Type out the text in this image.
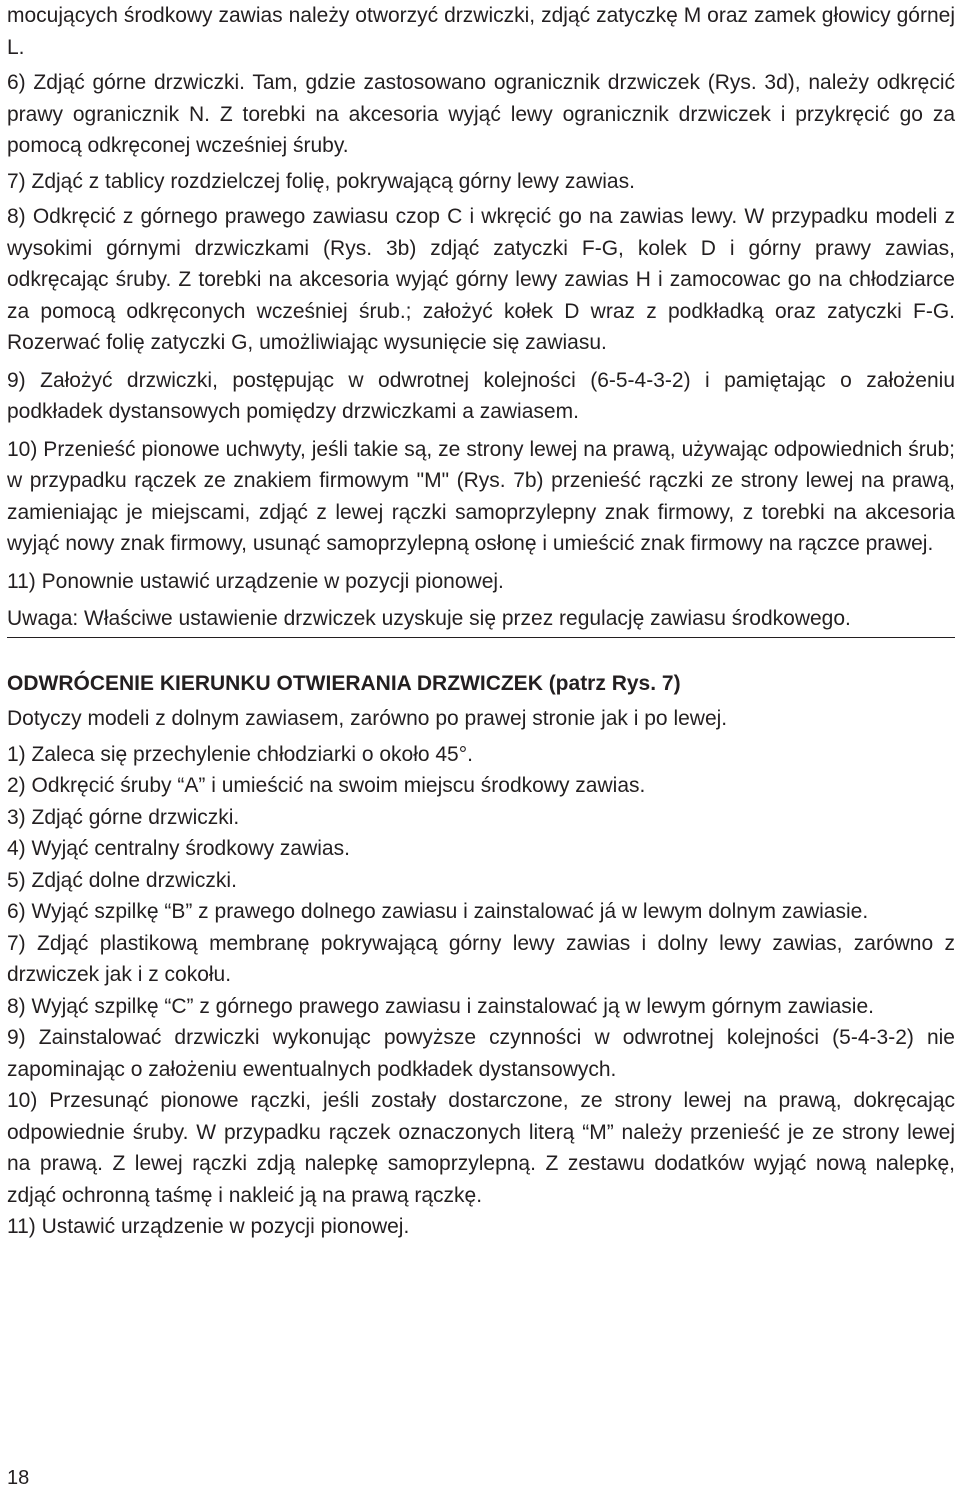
mocujących środkowy zawias należy otworzyć drzwiczki, zdjąć zatyczkę M oraz zamek głowicy górnej L.

6) Zdjąć górne drzwiczki. Tam, gdzie zastosowano ogranicznik drzwiczek (Rys. 3d), należy odkręcić prawy ogranicznik N. Z torebki na akcesoria wyjąć lewy ogranicznik drzwiczek i przykręcić go za pomocą odkręconej wcześniej śruby.

7) Zdjąć z tablicy rozdzielczej folię, pokrywającą górny lewy zawias.

8) Odkręcić z górnego prawego zawiasu czop C i wkręcić go na zawias lewy. W przypadku modeli z wysokimi górnymi drzwiczkami (Rys. 3b) zdjąć zatyczki F-G, kolek D i górny prawy zawias, odkręcając śruby. Z torebki na akcesoria wyjąć górny lewy zawias H i zamocowac go na chłodziarce za pomocą odkręconych wcześniej śrub.; założyć kołek D wraz z podkładką oraz zatyczki F-G. Rozerwać folię zatyczki G, umożliwiając wysunięcie się zawiasu.

9) Założyć drzwiczki, postępując w odwrotnej kolejności (6-5-4-3-2) i pamiętając o założeniu podkładek dystansowych pomiędzy drzwiczkami a zawiasem.

10) Przenieść pionowe uchwyty, jeśli takie są, ze strony lewej na prawą, używając odpowiednich śrub; w przypadku rączek ze znakiem firmowym "M" (Rys. 7b) przenieść rączki ze strony lewej na prawą, zamieniając je miejscami, zdjąć z lewej rączki samoprzylepny znak firmowy, z torebki na akcesoria wyjąć nowy znak firmowy, usunąć samoprzylepną osłonę i umieścić znak firmowy na rączce prawej.

11) Ponownie ustawić urządzenie w pozycji pionowej.

Uwaga: Właściwe ustawienie drzwiczek uzyskuje się przez regulację zawiasu środkowego.

ODWRÓCENIE KIERUNKU OTWIERANIA DRZWICZEK (patrz Rys. 7)

Dotyczy modeli z dolnym zawiasem, zarówno po prawej stronie jak i po lewej.

1) Zaleca się przechylenie chłodziarki o około 45°.

2) Odkręcić śruby “A” i umieścić na swoim miejscu środkowy zawias.

3) Zdjąć górne drzwiczki.

4) Wyjąć centralny środkowy zawias.

5) Zdjąć dolne drzwiczki.

6) Wyjąć szpilkę “B” z prawego dolnego zawiasu i zainstalować já w lewym dolnym zawiasie.

7) Zdjąć plastikową membranę pokrywającą górny lewy zawias i dolny lewy zawias, zarówno z drzwiczek jak i z cokołu.

8) Wyjąć szpilkę “C” z górnego prawego zawiasu i zainstalować ją w lewym górnym zawiasie.

9) Zainstalować drzwiczki wykonując powyższe czynności w odwrotnej kolejności (5-4-3-2) nie zapominając o założeniu ewentualnych podkładek dystansowych.

10) Przesunąć pionowe rączki, jeśli zostały dostarczone, ze strony lewej na prawą, dokręcając odpowiednie śruby. W przypadku rączek oznaczonych literą “M” należy przenieść je ze strony lewej na prawą. Z lewej rączki zdją nalepkę samoprzylepną. Z zestawu dodatków wyjąć nową nalepkę, zdjąć ochronną taśmę i nakleić ją na prawą rączkę.

11) Ustawić urządzenie w pozycji pionowej.

18
